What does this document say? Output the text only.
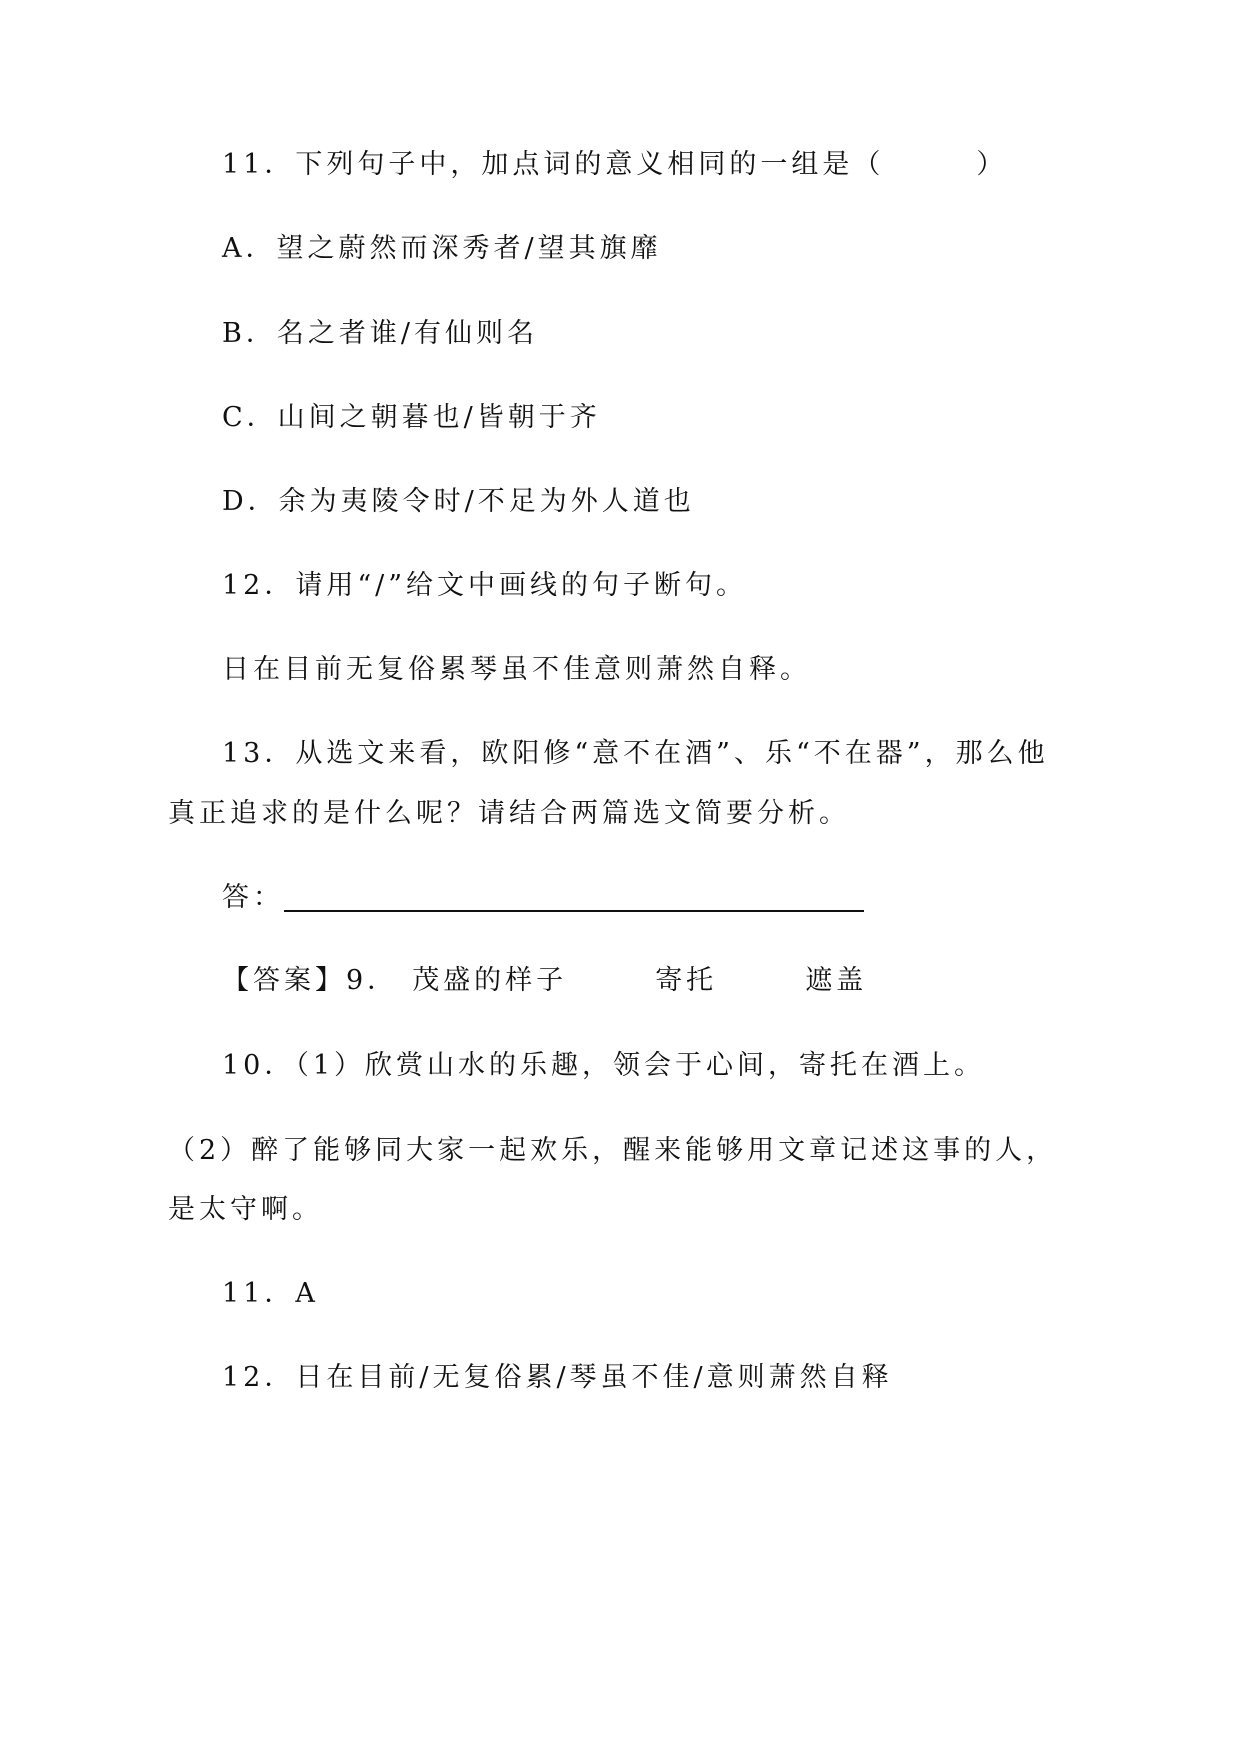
11．下列句子中，加点词的意义相同的一组是（	）
A．望之蔚然而深秀者/望其旗靡
B．名之者谁/有仙则名
C．山间之朝暮也/皆朝于齐
D．余为夷陵令时/不足为外人道也
12．请用“/”给文中画线的句子断句。
日在目前无复俗累琴虽不佳意则萧然自释。
13．从选文来看，欧阳修“意不在酒”、乐“不在器”，那么他
真正追求的是什么呢？请结合两篇选文简要分析。
答：
【答案】9． 茂盛的样子	寄托	遮盖
10．（1）欣赏山水的乐趣，领会于心间，寄托在酒上。
（2）醉了能够同大家一起欢乐，醒来能够用文章记述这事的人，
是太守啊。
11．A
12．日在目前/无复俗累/琴虽不佳/意则萧然自释
